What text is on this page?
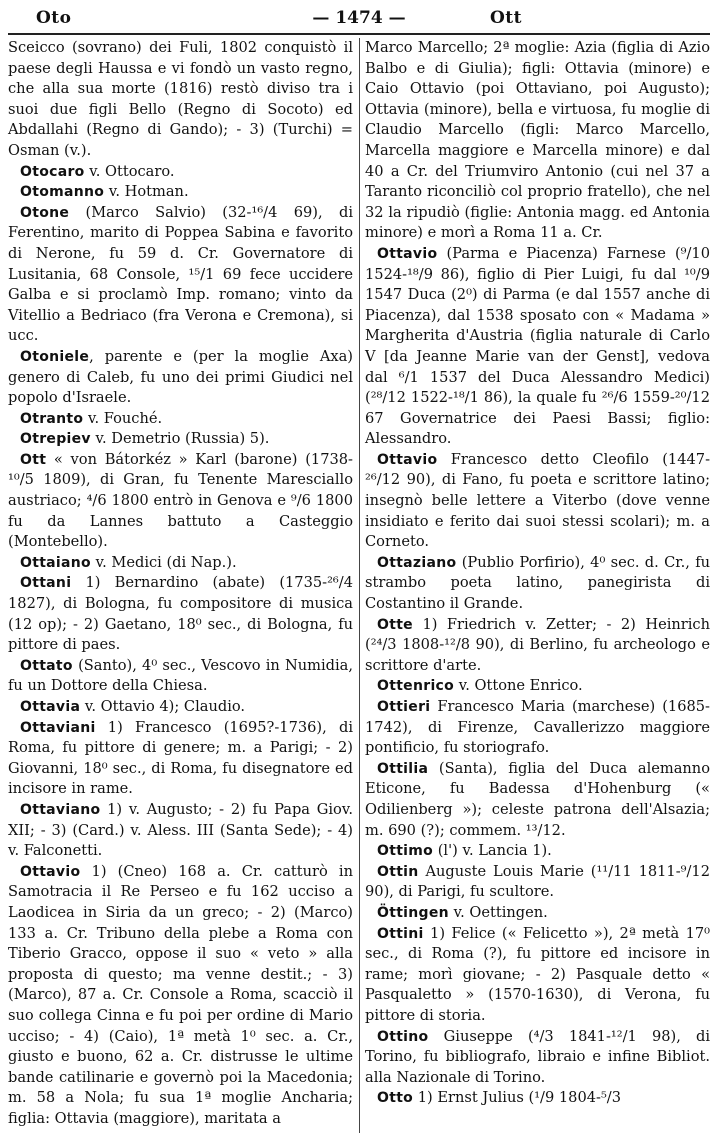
Oto	— 1474 —	Ott

Sceicco (sovrano) dei Fuli, 1802 conquistò il paese degli Haussa e vi fondò un vasto regno, che alla sua morte (1816) restò diviso tra i suoi due figli Bello (Regno di Socoto) ed Abdallahi (Regno di Gando); - 3) (Turchi) = Osman (v.).

Otocaro v. Ottocaro.

Otomanno v. Hotman.

Otone (Marco Salvio) (32-¹⁶/4 69), di Ferentino, marito di Poppea Sabina e favorito di Nerone, fu 59 d. Cr. Governatore di Lusitania, 68 Console, ¹⁵/1 69 fece uccidere Galba e si proclamò Imp. romano; vinto da Vitellio a Bedriaco (fra Verona e Cremona), si ucc.

Otoniele, parente e (per la moglie Axa) genero di Caleb, fu uno dei primi Giudici nel popolo d'Israele.

Otranto v. Fouché.

Otrepiev v. Demetrio (Russia) 5).

Ott « von Bátorkéz » Karl (barone) (1738-¹⁰/5 1809), di Gran, fu Tenente Maresciallo austriaco; ⁴/6 1800 entrò in Genova e ⁹/6 1800 fu da Lannes battuto a Casteggio (Montebello).

Ottaiano v. Medici (di Nap.).

Ottani 1) Bernardino (abate) (1735-²⁶/4 1827), di Bologna, fu compositore di musica (12 op); - 2) Gaetano, 18⁰ sec., di Bologna, fu pittore di paes.

Ottato (Santo), 4⁰ sec., Vescovo in Numidia, fu un Dottore della Chiesa.

Ottavia v. Ottavio 4); Claudio.

Ottaviani 1) Francesco (1695?-1736), di Roma, fu pittore di genere; m. a Parigi; - 2) Giovanni, 18⁰ sec., di Roma, fu disegnatore ed incisore in rame.

Ottaviano 1) v. Augusto; - 2) fu Papa Giov. XII; - 3) (Card.) v. Aless. III (Santa Sede); - 4) v. Falconetti.

Ottavio 1) (Cneo) 168 a. Cr. catturò in Samotracia il Re Perseo e fu 162 ucciso a Laodicea in Siria da un greco; - 2) (Marco) 133 a. Cr. Tribuno della plebe a Roma con Tiberio Gracco, oppose il suo « veto » alla proposta di questo; ma venne destit.; - 3) (Marco), 87 a. Cr. Console a Roma, scacciò il suo collega Cinna e fu poi per ordine di Mario ucciso; - 4) (Caio), 1ª metà 1⁰ sec. a. Cr., giusto e buono, 62 a. Cr. distrusse le ultime bande catilinarie e governò poi la Macedonia; m. 58 a Nola; fu sua 1ª moglie Ancharia; figlia: Ottavia (maggiore), maritata a

Marco Marcello; 2ª moglie: Azia (figlia di Azio Balbo e di Giulia); figli: Ottavia (minore) e Caio Ottavio (poi Ottaviano, poi Augusto); Ottavia (minore), bella e virtuosa, fu moglie di Claudio Marcello (figli: Marco Marcello, Marcella maggiore e Marcella minore) e dal 40 a Cr. del Triumviro Antonio (cui nel 37 a Taranto riconciliò col proprio fratello), che nel 32 la ripudiò (figlie: Antonia magg. ed Antonia minore) e morì a Roma 11 a. Cr.

Ottavio (Parma e Piacenza) Farnese (⁹/10 1524-¹⁸/9 86), figlio di Pier Luigi, fu dal ¹⁰/9 1547 Duca (2⁰) di Parma (e dal 1557 anche di Piacenza), dal 1538 sposato con « Madama » Margherita d'Austria (figlia naturale di Carlo V [da Jeanne Marie van der Genst], vedova dal ⁶/1 1537 del Duca Alessandro Medici) (²⁸/12 1522-¹⁸/1 86), la quale fu ²⁶/6 1559-²⁰/12 67 Governatrice dei Paesi Bassi; figlio: Alessandro.

Ottavio Francesco detto Cleofilo (1447-²⁶/12 90), di Fano, fu poeta e scrittore latino; insegnò belle lettere a Viterbo (dove venne insidiato e ferito dai suoi stessi scolari); m. a Corneto.

Ottaziano (Publio Porfirio), 4⁰ sec. d. Cr., fu strambo poeta latino, panegirista di Costantino il Grande.

Otte 1) Friedrich v. Zetter; - 2) Heinrich (²⁴/3 1808-¹²/8 90), di Berlino, fu archeologo e scrittore d'arte.

Ottenrico v. Ottone Enrico.

Ottieri Francesco Maria (marchese) (1685-1742), di Firenze, Cavallerizzo maggiore pontificio, fu storiografo.

Ottilia (Santa), figlia del Duca alemanno Eticone, fu Badessa d'Hohenburg (« Odilienberg »); celeste patrona dell'Alsazia; m. 690 (?); commem. ¹³/12.

Ottimo (l') v. Lancia 1).

Ottin Auguste Louis Marie (¹¹/11 1811-⁹/12 90), di Parigi, fu scultore.

Öttingen v. Oettingen.

Ottini 1) Felice (« Felicetto »), 2ª metà 17⁰ sec., di Roma (?), fu pittore ed incisore in rame; morì giovane; - 2) Pasquale detto « Pasqualetto » (1570-1630), di Verona, fu pittore di storia.

Ottino Giuseppe (⁴/3 1841-¹²/1 98), di Torino, fu bibliografo, libraio e infine Bibliot. alla Nazionale di Torino.

Otto 1) Ernst Julius (¹/9 1804-⁵/3
